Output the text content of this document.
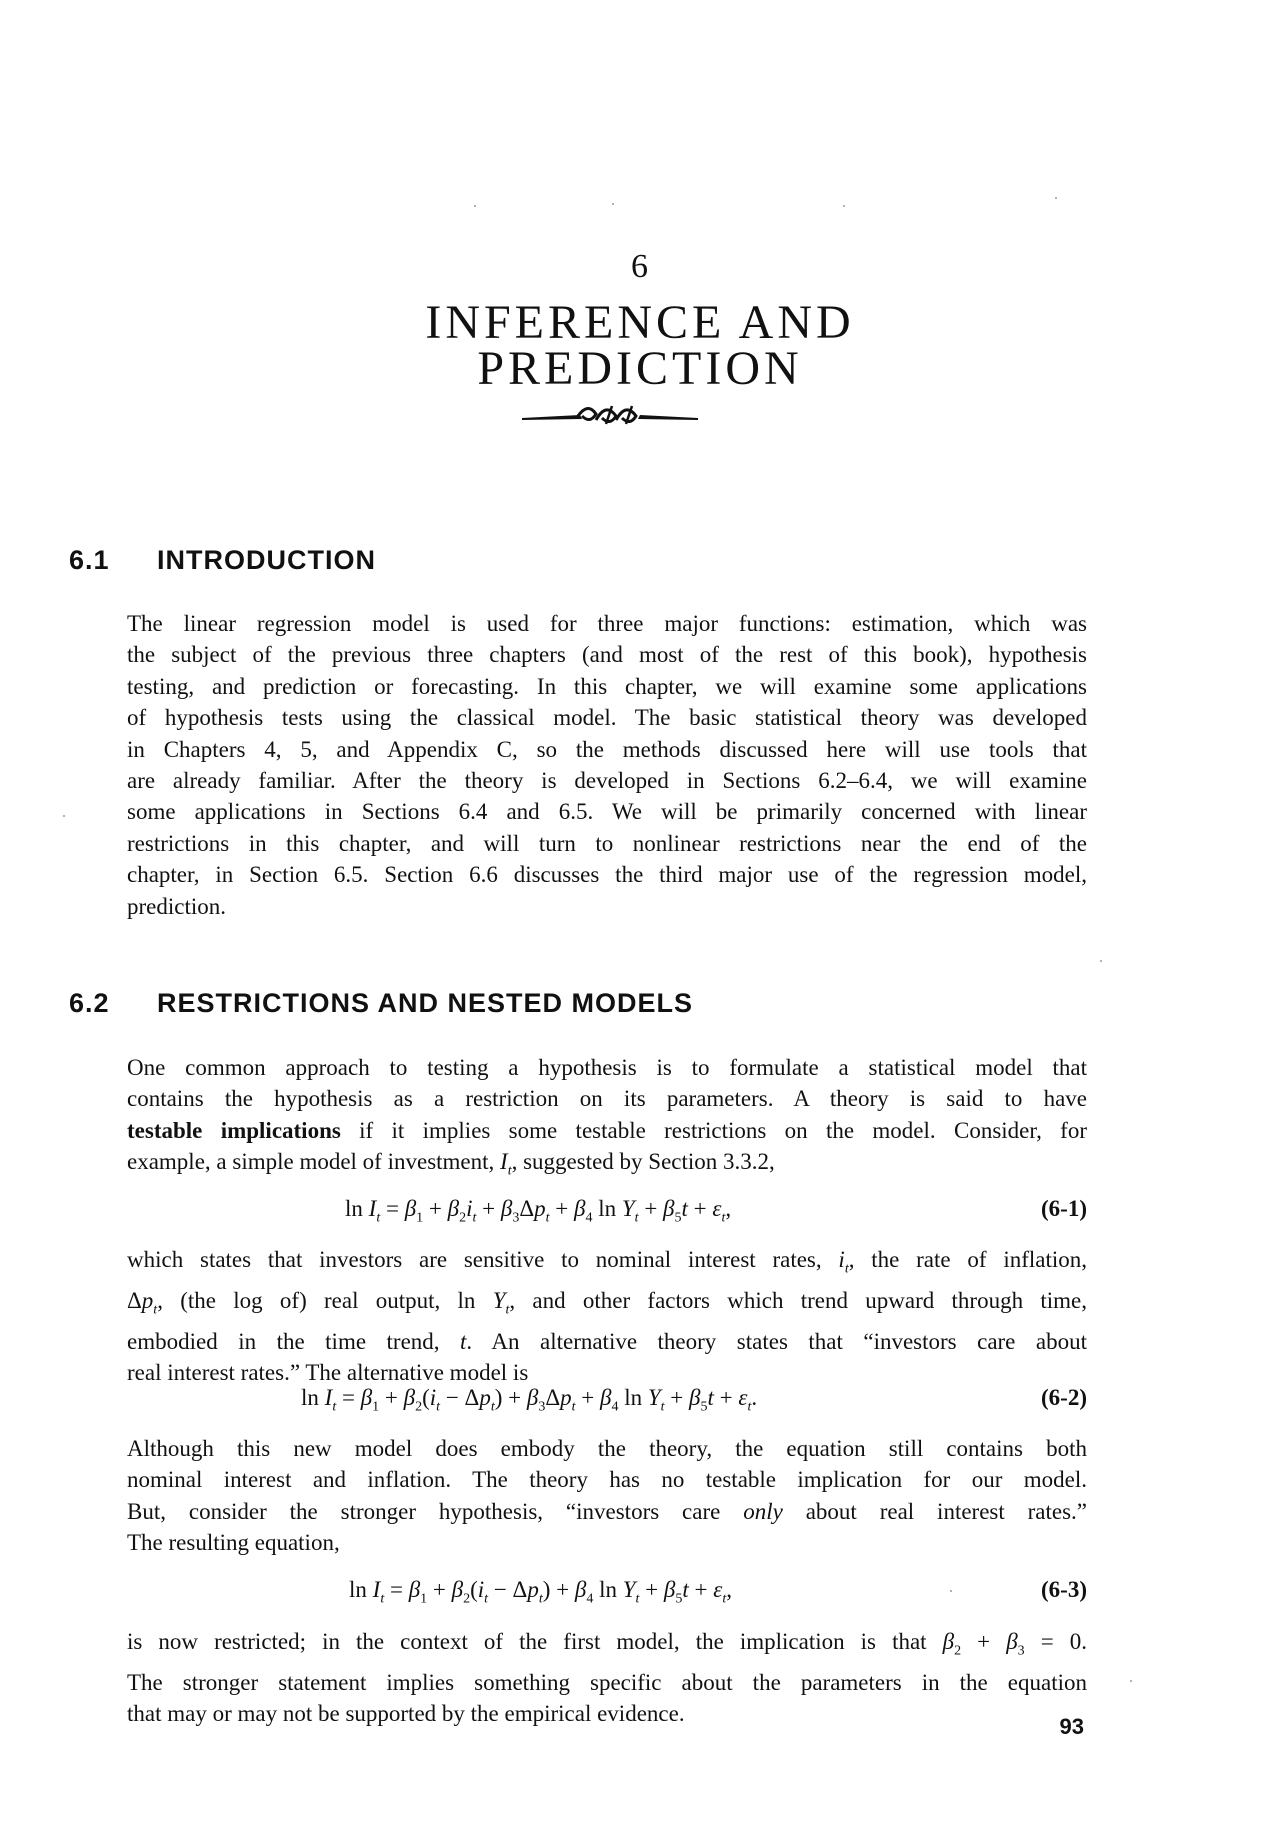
6
INFERENCE AND
PREDICTION
6.1 INTRODUCTION
The linear regression model is used for three major functions: estimation, which was
the subject of the previous three chapters (and most of the rest of this book), hypothesis
testing, and prediction or forecasting. In this chapter, we will examine some applications
of hypothesis tests using the classical model. The basic statistical theory was developed
in Chapters 4, 5, and Appendix C, so the methods discussed here will use tools that
are already familiar. After the theory is developed in Sections 6.2–6.4, we will examine
some applications in Sections 6.4 and 6.5. We will be primarily concerned with linear
restrictions in this chapter, and will turn to nonlinear restrictions near the end of the
chapter, in Section 6.5. Section 6.6 discusses the third major use of the regression model,
prediction.
6.2 RESTRICTIONS AND NESTED MODELS
One common approach to testing a hypothesis is to formulate a statistical model that
contains the hypothesis as a restriction on its parameters. A theory is said to have
testable implications if it implies some testable restrictions on the model. Consider, for
example, a simple model of investment, $I_t$, suggested by Section 3.3.2,
$\ln I_t = \beta_1 + \beta_2i_t + \beta_3\Delta p_t + \beta_4$ $\ln Y_t + \beta_5t + \varepsilon_t$,	(6-1)
which states that investors are sensitive to nominal interest rates, $i_t$, the rate of inflation,
$\Delta p_t$, (the log of) real output, $\ln Y_t$, and other factors which trend upward through time,
embodied in the time trend, t. An alternative theory states that “investors care about
real interest rates.” The alternative model is
$\ln I_t = \beta_1 + \beta_2(i_t - \Delta p_t) + \beta_3\Delta p_t + \beta_4$ $\ln Y_t + \beta_5t + \varepsilon_t$.	(6-2)
Although this new model does embody the theory, the equation still contains both
nominal interest and inflation. The theory has no testable implication for our model.
But, consider the stronger hypothesis, “investors care only about real interest rates.”
The resulting equation,
$\ln I_t = \beta_1 + \beta_2(i_t - \Delta p_t) + \beta_4$ $\ln Y_t + \beta_5t + \varepsilon_t$,	(6-3)
is now restricted; in the context of the first model, the implication is that $\beta_2 + \beta_3 = 0$.
The stronger statement implies something specific about the parameters in the equation
that may or may not be supported by the empirical evidence.
93
